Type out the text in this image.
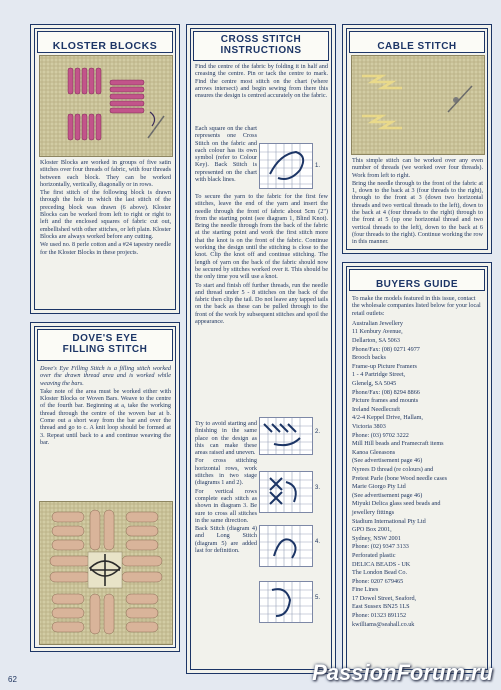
$_{KLOSTER BLOCKS}$

Kloster Blocks are worked in groups of five satin stitches over four threads of fabric, with four threads between each block. They can be worked horizontally, vertically, diagonally or in rows.

The first stitch of the following block is drawn through the hole in which the last stitch of the preceding block was drawn (6 above). Kloster Blocks can be worked from left to right or right to left and the enclosed squares of fabric cut out, embellished with other stitches, or left plain. Kloster Blocks are always worked before any cutting.

We used no. 8 perle cotton and a #24 tapestry needle for the Kloster Blocks in these projects.

DOVE'S EYE
FILLING STITCH

Dove's Eye Filling Stitch is a filling stitch worked over the drawn thread area and is worked while weaving the bars.

Take note of the area must be worked either with Kloster Blocks or Woven Bars. Weave to the centre of the fourth bar. Beginning at a, take the working thread through the centre of the woven bar at b. Come out a short way from the bar and over the thread and go to c. A knit loop should be formed at 3. Repeat until back to a and continue weaving the bar.

CROSS STITCH
INSTRUCTIONS

Find the centre of the fabric by folding it in half and creasing the centre. Pin or tack the centre to mark. Find the centre most stitch on the chart (where arrows intersect) and begin sewing from there this ensures the design is centred accurately on the fabric.

Each square on the chart represents one Cross Stitch on the fabric and each colour has its own symbol (refer to Colour Key). Back Stitch is represented on the chart with black lines.

1.

To secure the yarn to the fabric for the first few stitches, leave the end of the yarn and insert the needle through the front of fabric about 5cm (2") from the starting point (see diagram 1, Blind Knot). Bring the needle through from the back of the fabric at the starting point and work the first stitch more that the knot is on the front of the fabric. Continue working the design until the stitching is close to the knot. Clip the knot off and continue stitching. The length of yarn on the back of the fabric should now be secured by stitches worked over it. This should be the only time you will use a knot.

To start and finish off further threads, run the needle and thread under 5 - 8 stitches on the back of the fabric then clip the tail. Do not leave any tapped tails on the back as these can be pulled through to the front of the work by subsequent stitches and spoil the appearance.

Try to avoid starting and finishing in the same place on the design as this can make these areas raised and uneven.

For cross stitching horizontal rows, work stitches in two stage (diagrams 1 and 2).

For vertical rows complete each stitch as shown in diagram 3. Be sure to cross all stitches in the same direction.

Back Stitch (diagram 4) and Long Stitch (diagram 5) are added last for definition.

2.
3.
4.
5.
$_{CABLE STITCH}$

This simple stitch can be worked over any even number of threads (we worked over four threads). Work from left to right.

Bring the needle through to the front of the fabric at 1, down to the back at 3 (four threads to the right), through to the front at 3 (down two horizontal threads and two vertical threads to the left), down to the back at 4 (four threads to the right) through to the front at 5 (up one horizontal thread and two vertical threads to the left), down to the back at 6 (four threads to the right). Continue working the row in this manner.

$_{BUYERS GUIDE}$

To make the models featured in this issue, contact the wholesale companies listed below for your local retail outlets:

Australian Jewellery
11 Kenbury Avenue,
Dellarton, SA 5063
Phone/Fax: (08) 0271 4977
Brooch backs
Frame-up Picture Framers
1 - 4 Partridge Street,
Glenelg, SA 5045
Phone/Fax: (08) 8294 8866
Picture frames and mounts
Ireland Needlecraft
4/2-4 Keppel Drive, Hallam,
Victoria 3803
Phone: (03) 9702 3222
Mill Hill beads and Framecraft items
Kanoa Gleeasons
(See advertisement page 46)
Nyrees D thread (re colours) and
Pretest Parle (bone Wood needle cases
Marie Giorgo Pty Ltd
(See advertisement page 46)
Miyuki Delica glass seed beads and
jewellery fittings
Stadium International Pty Ltd
GPO Box 2001,
Sydney, NSW 2001
Phone: (02) 9347 3133
Perforated plastic
DELICA BEADS - UK
The London Bead Co.
Phone: 0207 679465
Fine Lines
17 Dowel Street, Seaford,
East Sussex BN25 1LS
Phone: 01323 891152
kwilliams@seahall.co.uk
62	PassionForum.ru
